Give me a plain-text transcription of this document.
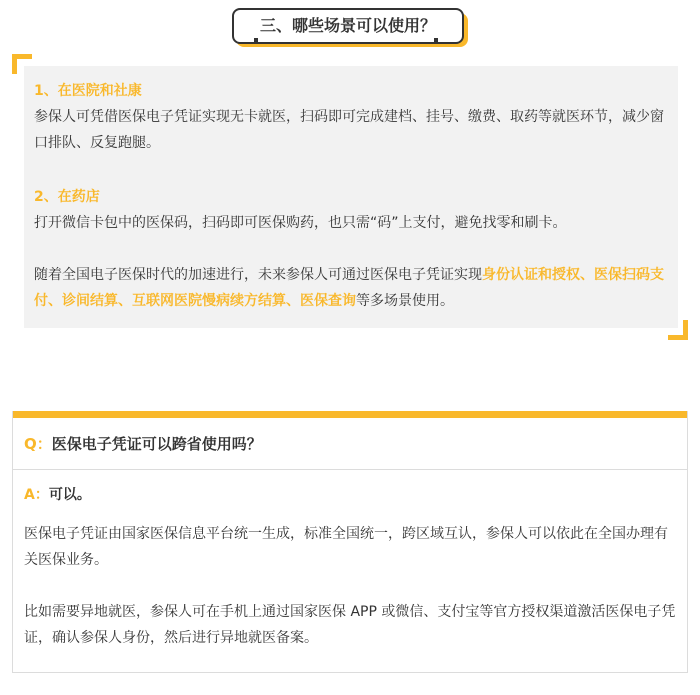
三、哪些场景可以使用？

1、在医院和社康

参保人可凭借医保电子凭证实现无卡就医，扫码即可完成建档、挂号、缴费、取药等就医环节，减少窗口排队、反复跑腿。

2、在药店

打开微信卡包中的医保码，扫码即可医保购药，也只需“码”上支付，避免找零和刷卡。

随着全国电子医保时代的加速进行，未来参保人可通过医保电子凭证实现身份认证和授权、医保扫码支付、诊间结算、互联网医院慢病续方结算、医保查询等多场景使用。

Q：医保电子凭证可以跨省使用吗？
A：可以。

医保电子凭证由国家医保信息平台统一生成，标准全国统一，跨区域互认，参保人可以依此在全国办理有关医保业务。

比如需要异地就医，参保人可在手机上通过国家医保 APP 或微信、支付宝等官方授权渠道激活医保电子凭证，确认参保人身份，然后进行异地就医备案。
